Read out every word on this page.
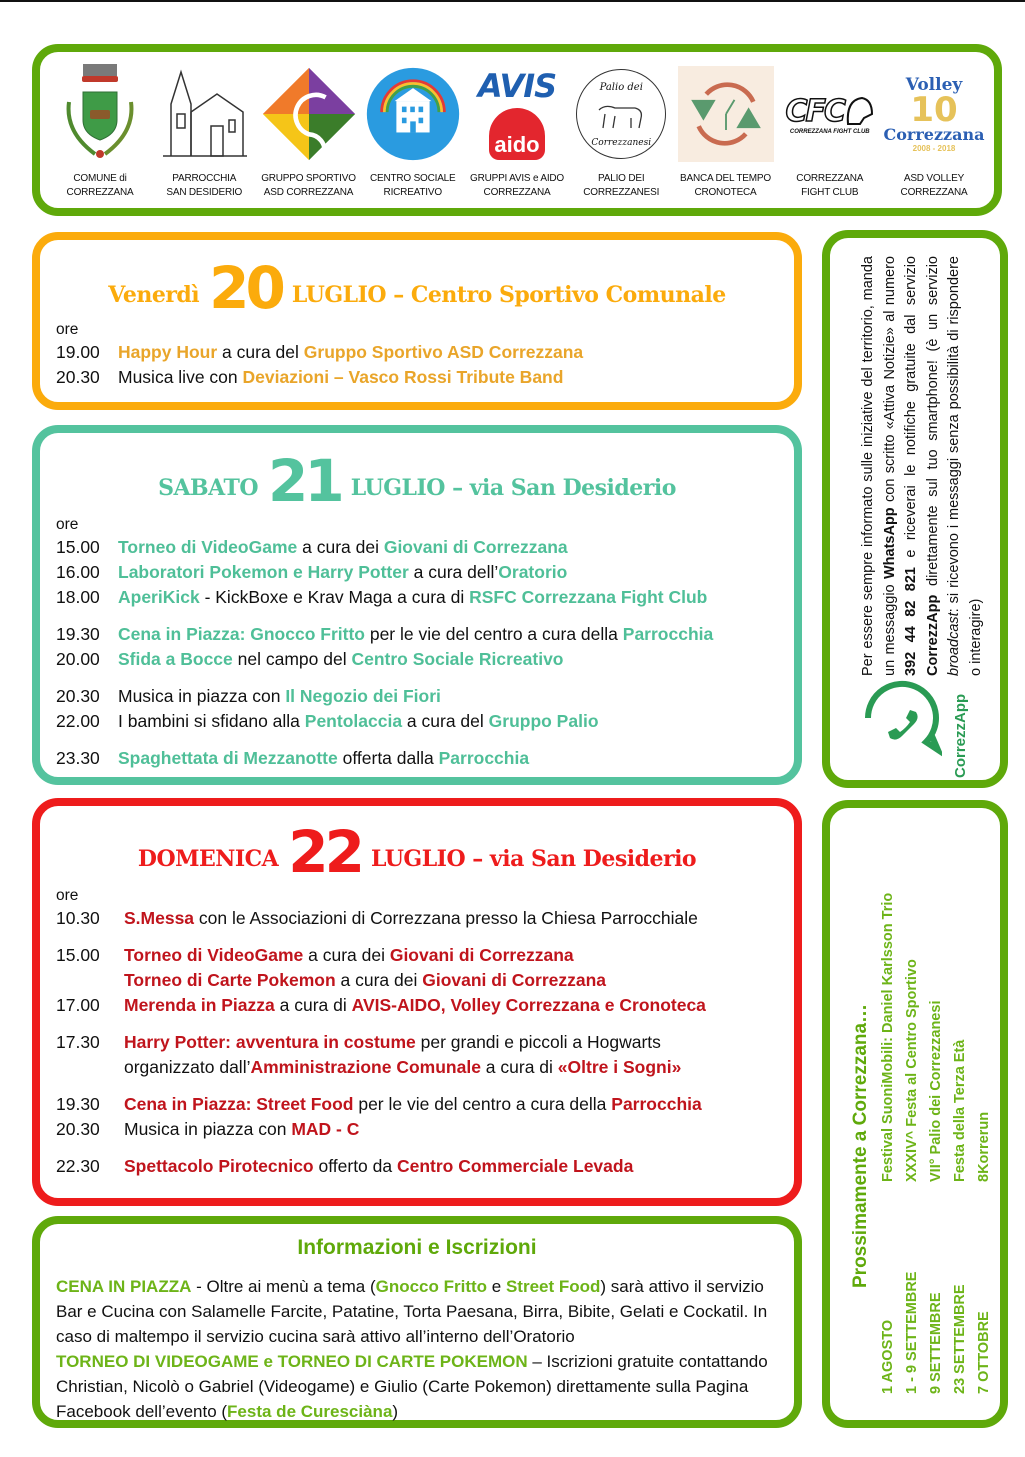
COMUNE di
CORREZZANA
PARROCCHIA
SAN DESIDERIO
GRUPPO SPORTIVO
ASD CORREZZANA
CENTRO SOCIALE
RICREATIVO
AVIS
aido
GRUPPI AVIS e AIDO
CORREZZANA
Palio dei
Correzzanesi
PALIO DEI
CORREZZANESI
BANCA DEL TEMPO
CRONOTECA
CFC
CORREZZANA FIGHT CLUB
CORREZZANA
FIGHT CLUB
Volley
10
Correzzana
2008 - 2018
ASD VOLLEY
CORREZZANA
Venerdì 20 LUGLIO – Centro Sportivo Comunale
ore
19.00	Happy Hour a cura del Gruppo Sportivo ASD Correzzana
20.30	Musica live con Deviazioni – Vasco Rossi Tribute Band
SABATO 21 LUGLIO – via San Desiderio
ore
15.00	Torneo di VideoGame a cura dei Giovani di Correzzana
16.00	Laboratori Pokemon e Harry Potter a cura dell’Oratorio
18.00	AperiKick - KickBoxe e Krav Maga a cura di RSFC Correzzana Fight Club
19.30	Cena in Piazza: Gnocco Fritto per le vie del centro a cura della Parrocchia
20.00	Sfida a Bocce nel campo del Centro Sociale Ricreativo
20.30	Musica in piazza con Il Negozio dei Fiori
22.00	I bambini si sfidano alla Pentolaccia a cura del Gruppo Palio
23.30	Spaghettata di Mezzanotte offerta dalla Parrocchia
DOMENICA 22 LUGLIO – via San Desiderio
ore
10.30	S.Messa con le Associazioni di Correzzana presso la Chiesa Parrocchiale
15.00	Torneo di VideoGame a cura dei Giovani di Correzzana
Torneo di Carte Pokemon a cura dei Giovani di Correzzana
17.00	Merenda in Piazza a cura di AVIS-AIDO, Volley Correzzana e Cronoteca
17.30	Harry Potter: avventura in costume per grandi e piccoli a Hogwarts
organizzato dall’Amministrazione Comunale a cura di «Oltre i Sogni»
19.30	Cena in Piazza: Street Food per le vie del centro a cura della Parrocchia
20.30	Musica in piazza con MAD - C
22.30	Spettacolo Pirotecnico offerto da Centro Commerciale Levada
Informazioni e Iscrizioni
CENA IN PIAZZA - Oltre ai menù a tema (Gnocco Fritto e Street Food) sarà attivo il servizio Bar e Cucina con Salamelle Farcite, Patatine, Torta Paesana, Birra, Bibite, Gelati e Cockatil. In caso di maltempo il servizio cucina sarà attivo all’interno dell’Oratorio
TORNEO DI VIDEOGAME e TORNEO DI CARTE POKEMON – Iscrizioni gratuite contattando Christian, Nicolò o Gabriel (Videogame) e Giulio (Carte Pokemon) direttamente sulla Pagina Facebook dell’evento (Festa de Curesciàna)
Per essere sempre informato sulle iniziative del territorio, manda un messaggio WhatsApp con scritto «Attiva Notizie» al numero 392 44 82 821 e riceverai le notifiche gratuite dal servizio CorrezzApp direttamente sul tuo smartphone! (è un servizio broadcast: si ricevono i messaggi senza possibilità di rispondere o interagire)
CorrezzApp
Prossimamente a Correzzana…
1 AGOSTO
Festival SuoniMobili: Daniel Karlsson Trio
1 - 9 SETTEMBRE
XXXIV^ Festa al Centro Sportivo
9 SETTEMBRE
VII° Palio dei Correzzanesi
23 SETTEMBRE
Festa della Terza Età
7 OTTOBRE
8Korrerun
